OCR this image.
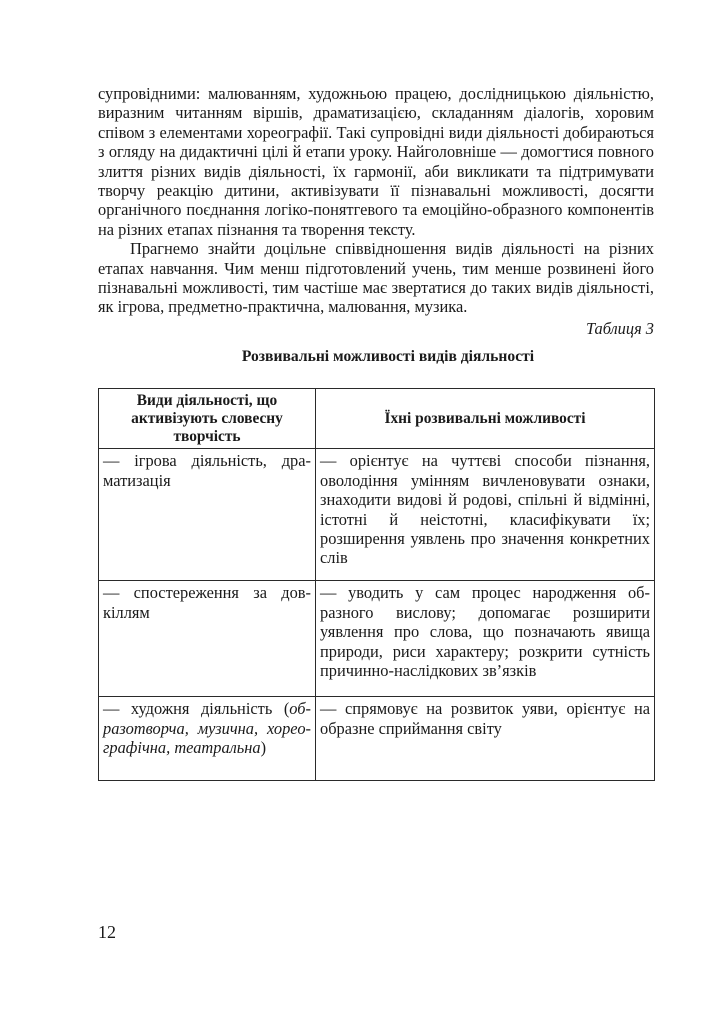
супровідними: малюванням, художньою працею, дослідницькою діяльністю, виразним читанням віршів, драматизацією, складанням діалогів, хоровим співом з елементами хореографії. Такі супровідні види діяльності добираються з огляду на дидактичні цілі й етапи уроку. Найголовніше — домогтися повного злиття різних видів діяльності, їх гармонії, аби викликати та підтримувати творчу реакцію дитини, активізувати її пізнавальні можливості, досягти органічного поєднання логіко-понятгевого та емоційно-образного компонентів на різних етапах пізнання та творення тексту.

Прагнемо знайти доцільне співвідношення видів діяльності на різних етапах навчання. Чим менш підготовлений учень, тим менше розвинені його пізнавальні можливості, тим частіше має звертатися до таких видів діяльності, як ігрова, предметно-практична, малювання, музика.

Таблиця 3
Розвивальні можливості видів діяльності
Види діяльності, що активізують словесну творчість	Їхні розвивальні можливості
— ігрова діяльність, драматизація	— орієнтує на чуттєві способи пізнання, оволодіння умінням вичленовувати ознаки, знаходити видові й родові, спільні й відмінні, істотні й неістотні, класифікувати їх; розширення уявлень про значення конкретних слів
— спостереження за довкіллям	— уводить у сам процес народження образного вислову; допомагає розширити уявлення про слова, що позначають явища природи, риси характеру; розкрити сутність причинно-наслідкових зв’язків
— художня діяльність (образотворча, музична, хореографічна, театральна)	— спрямовує на розвиток уяви, орієнтує на образне сприймання світу
12
